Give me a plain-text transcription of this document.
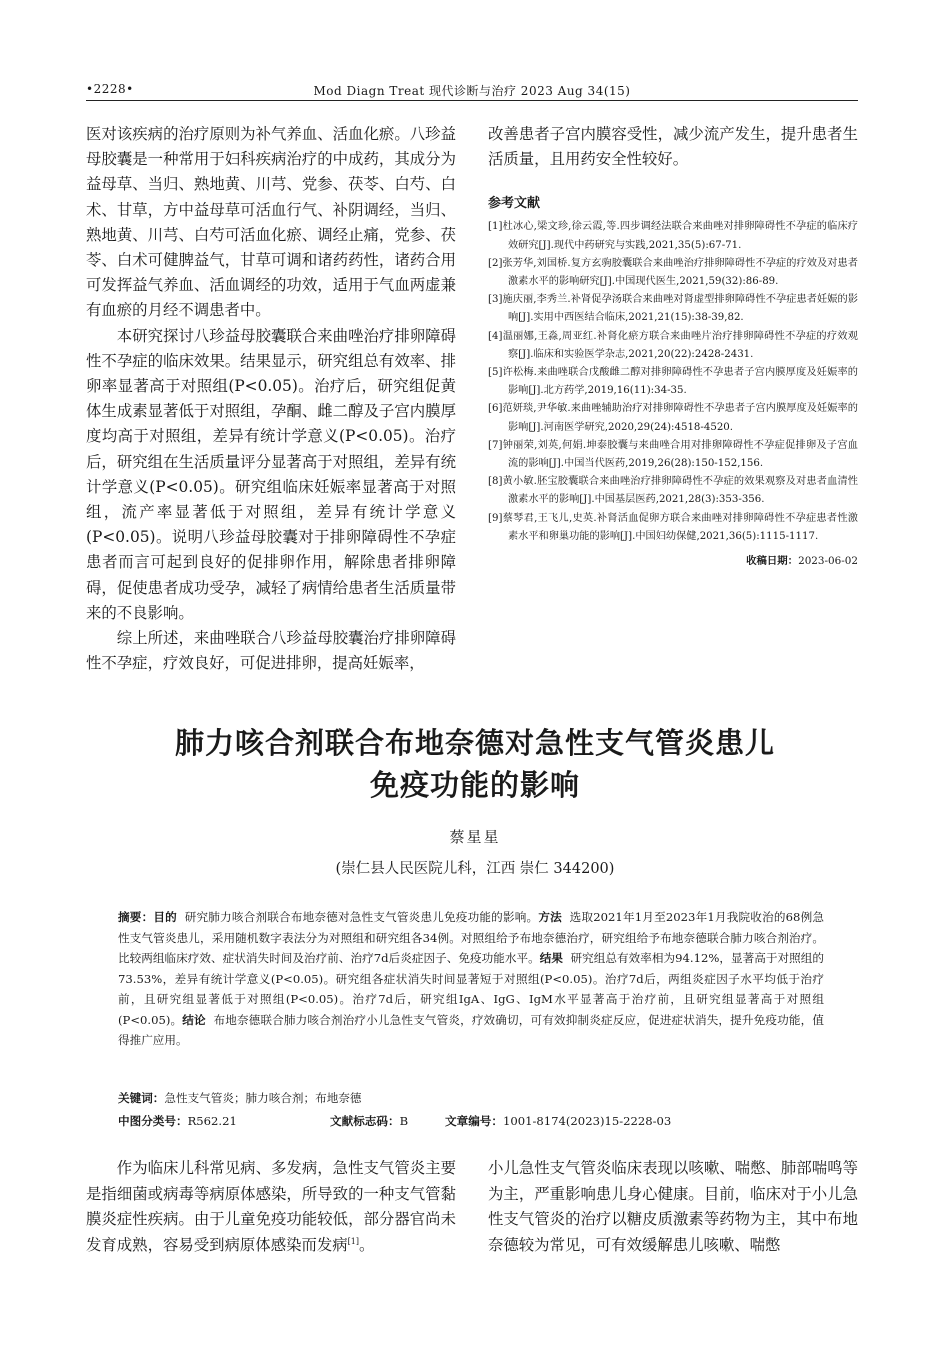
•2228•	Mod Diagn Treat 现代诊断与治疗 2023 Aug 34(15)

医对该疾病的治疗原则为补气养血、活血化瘀。八珍益母胶囊是一种常用于妇科疾病治疗的中成药，其成分为益母草、当归、熟地黄、川芎、党参、茯苓、白芍、白术、甘草，方中益母草可活血行气、补阴调经，当归、熟地黄、川芎、白芍可活血化瘀、调经止痛，党参、茯苓、白术可健脾益气，甘草可调和诸药药性，诸药合用可发挥益气养血、活血调经的功效，适用于气血两虚兼有血瘀的月经不调患者中。

本研究探讨八珍益母胶囊联合来曲唑治疗排卵障碍性不孕症的临床效果。结果显示，研究组总有效率、排卵率显著高于对照组(P<0.05)。治疗后，研究组促黄体生成素显著低于对照组，孕酮、雌二醇及子宫内膜厚度均高于对照组，差异有统计学意义(P<0.05)。治疗后，研究组在生活质量评分显著高于对照组，差异有统计学意义(P<0.05)。研究组临床妊娠率显著高于对照组，流产率显著低于对照组，差异有统计学意义(P<0.05)。说明八珍益母胶囊对于排卵障碍性不孕症患者而言可起到良好的促排卵作用，解除患者排卵障碍，促使患者成功受孕，减轻了病情给患者生活质量带来的不良影响。

综上所述，来曲唑联合八珍益母胶囊治疗排卵障碍性不孕症，疗效良好，可促进排卵，提高妊娠率，

改善患者子宫内膜容受性，减少流产发生，提升患者生活质量，且用药安全性较好。

参考文献

[1]杜冰心,梁文珍,徐云霞,等.四步调经法联合来曲唑对排卵障碍性不孕症的临床疗效研究[J].现代中药研究与实践,2021,35(5):67-71.

[2]张芳华,刘国桥.复方玄驹胶囊联合来曲唑治疗排卵障碍性不孕症的疗效及对患者激素水平的影响研究[J].中国现代医生,2021,59(32):86-89.

[3]施庆丽,李秀兰.补肾促孕汤联合来曲唑对肾虚型排卵障碍性不孕症患者妊娠的影响[J].实用中西医结合临床,2021,21(15):38-39,82.

[4]温丽娜,王淼,周亚红.补肾化瘀方联合来曲唑片治疗排卵障碍性不孕症的疗效观察[J].临床和实验医学杂志,2021,20(22):2428-2431.

[5]许松梅.来曲唑联合戊酸雌二醇对排卵障碍性不孕患者子宫内膜厚度及妊娠率的影响[J].北方药学,2019,16(11):34-35.

[6]范妍琰,尹华敏.来曲唑辅助治疗对排卵障碍性不孕患者子宫内膜厚度及妊娠率的影响[J].河南医学研究,2020,29(24):4518-4520.

[7]钟丽荣,刘英,何娟.坤泰胶囊与来曲唑合用对排卵障碍性不孕症促排卵及子宫血流的影响[J].中国当代医药,2019,26(28):150-152,156.

[8]黄小敏.胚宝胶囊联合来曲唑治疗排卵障碍性不孕症的效果观察及对患者血清性激素水平的影响[J].中国基层医药,2021,28(3):353-356.

[9]蔡琴君,王飞儿,史英.补肾活血促卵方联合来曲唑对排卵障碍性不孕症患者性激素水平和卵巢功能的影响[J].中国妇幼保健,2021,36(5):1115-1117.

收稿日期：2023-06-02

肺力咳合剂联合布地奈德对急性支气管炎患儿
免疫功能的影响
蔡星星
(崇仁县人民医院儿科，江西 崇仁 344200)
摘要：目的 研究肺力咳合剂联合布地奈德对急性支气管炎患儿免疫功能的影响。方法 选取2021年1月至2023年1月我院收治的68例急性支气管炎患儿，采用随机数字表法分为对照组和研究组各34例。对照组给予布地奈德治疗，研究组给予布地奈德联合肺力咳合剂治疗。比较两组临床疗效、症状消失时间及治疗前、治疗7d后炎症因子、免疫功能水平。结果 研究组总有效率相为94.12%，显著高于对照组的73.53%，差异有统计学意义(P<0.05)。研究组各症状消失时间显著短于对照组(P<0.05)。治疗7d后，两组炎症因子水平均低于治疗前，且研究组显著低于对照组(P<0.05)。治疗7d后，研究组IgA、IgG、IgM水平显著高于治疗前，且研究组显著高于对照组(P<0.05)。结论 布地奈德联合肺力咳合剂治疗小儿急性支气管炎，疗效确切，可有效抑制炎症反应，促进症状消失，提升免疫功能，值得推广应用。
关键词：急性支气管炎；肺力咳合剂；布地奈德
中图分类号：R562.21	文献标志码：B	文章编号：1001-8174(2023)15-2228-03

作为临床儿科常见病、多发病，急性支气管炎主要是指细菌或病毒等病原体感染，所导致的一种支气管黏膜炎症性疾病。由于儿童免疫功能较低，部分器官尚未发育成熟，容易受到病原体感染而发病[1]。

小儿急性支气管炎临床表现以咳嗽、喘憋、肺部喘鸣等为主，严重影响患儿身心健康。目前，临床对于小儿急性支气管炎的治疗以糖皮质激素等药物为主，其中布地奈德较为常见，可有效缓解患儿咳嗽、喘憋
